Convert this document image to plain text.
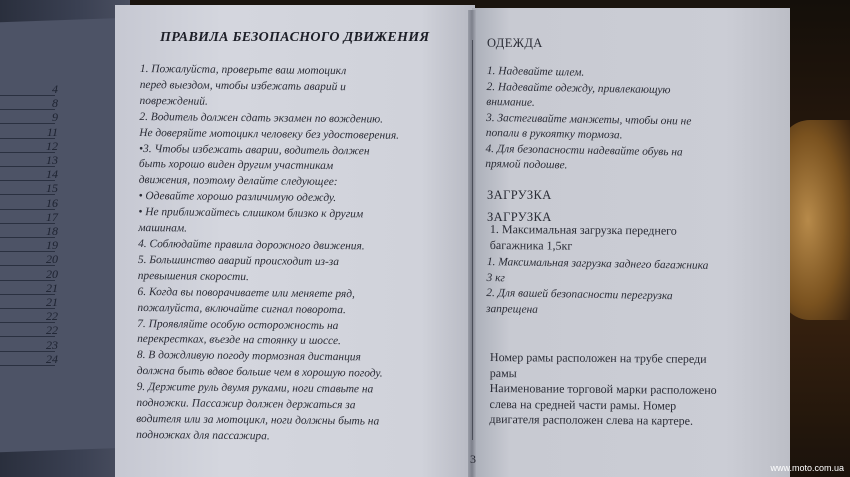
4
8
9
11
12
13
14
15
16
17
18
19
20
20
21
21
22
22
23
24
ПРАВИЛА БЕЗОПАСНОГО ДВИЖЕНИЯ
1. Пожалуйста, проверьте ваш мотоцикл
перед выездом, чтобы избежать аварий и
повреждений.
2. Водитель должен сдать экзамен по вождению.
Не доверяйте мотоцикл человеку без удостоверения.
•3. Чтобы избежать аварии, водитель должен
быть хорошо виден другим участникам
движения, поэтому делайте следующее:
• Одевайте хорошо различимую одежду.
• Не приближайтесь слишком близко к другим
машинам.
4. Соблюдайте правила дорожного движения.
5. Большинство аварий происходит из-за
превышения скорости.
6. Когда вы поворачиваете или меняете ряд,
пожалуйста, включайте сигнал поворота.
7. Проявляйте особую осторожность на
перекрестках, въезде на стоянку и шоссе.
8. В дождливую погоду тормозная дистанция
должна быть вдвое больше чем в хорошую погоду.
9. Держите руль двумя руками, ноги ставьте на
подножки. Пассажир должен держаться за
водителя или за мотоцикл, ноги должны быть на
подножках для пассажира.
ОДЕЖДА
1. Надевайте шлем.
2. Надевайте одежду, привлекающую
внимание.
3. Застегивайте манжеты, чтобы они не
попали в рукоятку тормоза.
4. Для безопасности надевайте обувь на
прямой подошве.
ЗАГРУЗКА
ЗАГРУЗКА
1. Максимальная загрузка переднего
багажника 1,5кг
1. Максимальная загрузка заднего багажника
3 кг
2. Для вашей безопасности перегрузка
запрещена
Номер рамы расположен на трубе спереди
рамы
Наименование торговой марки расположено
слева на средней части рамы. Номер
двигателя расположен слева на картере.
3
www.moto.com.ua
